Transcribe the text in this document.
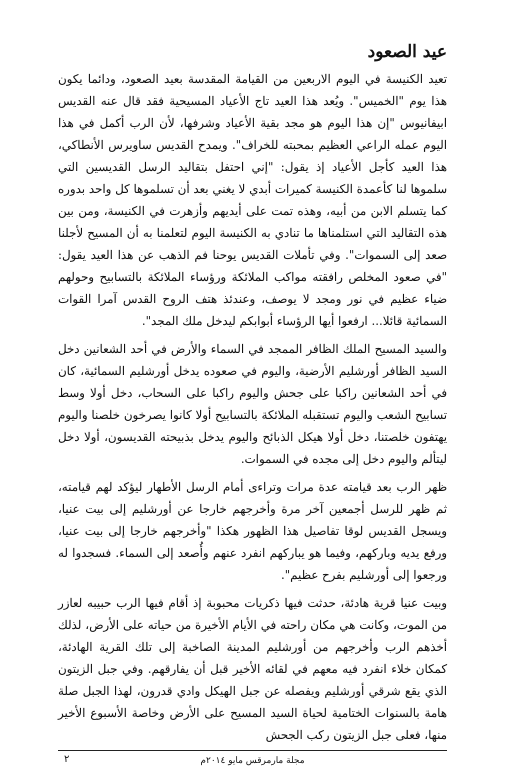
عيد الصعود

تعيد الكنيسة في اليوم الاربعين من القيامة المقدسة بعيد الصعود، ودائما يكون هذا يوم "الخميس". ويُعد هذا العيد تاج الأعياد المسيحية فقد قال عنه القديس ابيفانيوس "إن هذا اليوم هو مجد بقية الأعياد وشرفها، لأن الرب أكمل في هذا اليوم عمله الراعي العظيم بمحبته للخراف". ويمدح القديس ساويرس الأنطاكي، هذا العيد كأجل الأعياد إذ يقول: "إني احتفل بتقاليد الرسل القديسين التي سلموها لنا كأعمدة الكنيسة كميرات أبدي لا يغني بعد أن تسلموها كل واحد بدوره كما يتسلم الابن من أبيه، وهذه تمت على أيديهم وأزهرت في الكنيسة، ومن بين هذه التقاليد التي استلمناها ما تنادي به الكنيسة اليوم لتعلمنا به أن المسيح لأجلنا صعد إلى السموات". وفي تأملات القديس يوحنا فم الذهب عن هذا العيد يقول: "في صعود المخلص رافقته مواكب الملائكة ورؤساء الملائكة بالتسابيح وحولهم ضياء عظيم في نور ومجد لا يوصف، وعندئذ هتف الروح القدس آمرا القوات السمائية قائلا... ارفعوا أيها الرؤساء أبوابكم ليدخل ملك المجد".

والسيد المسيح الملك الظافر الممجد في السماء والأرض في أحد الشعانين دخل السيد الظافر أورشليم الأرضية، واليوم في صعوده يدخل أورشليم السمائية، كان في أحد الشعانين راكبا على جحش واليوم راكبا على السحاب، دخل أولا وسط تسابيح الشعب واليوم تستقبله الملائكة بالتسابيح أولا كانوا يصرخون خلصنا واليوم يهتفون خلصتنا، دخل أولا هيكل الذبائح واليوم يدخل بذبيحته القديسون، أولا دخل ليتألم واليوم دخل إلى مجده في السموات.

ظهر الرب بعد قيامته عدة مرات وتراءى أمام الرسل الأطهار ليؤكد لهم قيامته، ثم ظهر للرسل أجمعين آخر مرة وأخرجهم خارجا عن أورشليم إلى بيت عنيا، ويسجل القديس لوقا تفاصيل هذا الظهور هكذا "وأخرجهم خارجا إلى بيت عنيا، ورفع يديه وباركهم، وفيما هو يباركهم انفرد عنهم وأُصعد إلى السماء. فسجدوا له ورجعوا إلى أورشليم بفرح عظيم".

وبيت عنيا قرية هادئة، حدثت فيها ذكريات محبوبة إذ أقام فيها الرب حبيبه لعازر من الموت، وكانت هي مكان راحته في الأيام الأخيرة من حياته على الأرض، لذلك أخذهم الرب وأخرجهم من أورشليم المدينة الصاخبة إلى تلك القرية الهادئة، كمكان خلاء انفرد فيه معهم في لقائه الأخير قبل أن يفارقهم. وفي جبل الزيتون الذي يقع شرقي أورشليم ويفصله عن جبل الهيكل وادي قدرون، لهذا الجبل صلة هامة بالسنوات الختامية لحياة السيد المسيح على الأرض وخاصة الأسبوع الأخير منها، فعلى جبل الزيتون ركب الجحش

مجلة مارمرقس مايو ٢٠١٤م
٢
